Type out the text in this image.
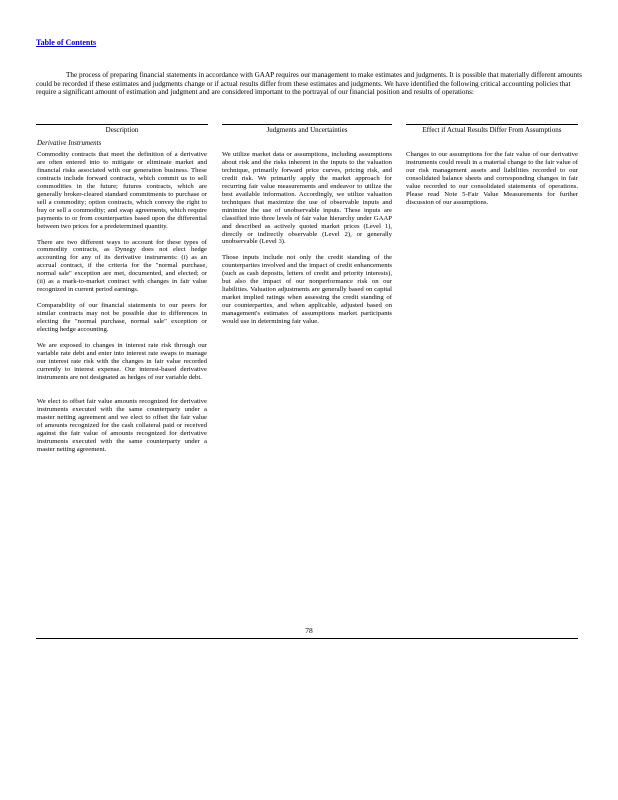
Table of Contents

The process of preparing financial statements in accordance with GAAP requires our management to make estimates and judgments. It is possible that materially different amounts could be recorded if these estimates and judgments change or if actual results differ from these estimates and judgments. We have identified the following critical accounting policies that require a significant amount of estimation and judgment and are considered important to the portrayal of our financial position and results of operations:

Description	Judgments and Uncertainties	Effect if Actual Results Differ From Assumptions
Derivative Instruments

Commodity contracts that meet the definition of a derivative are often entered into to mitigate or eliminate market and financial risks associated with our generation business. These contracts include forward contracts, which commit us to sell commodities in the future; futures contracts, which are generally broker-cleared standard commitments to purchase or sell a commodity; option contracts, which convey the right to buy or sell a commodity; and swap agreements, which require payments to or from counterparties based upon the differential between two prices for a predetermined quantity.

There are two different ways to account for these types of commodity contracts, as Dynegy does not elect hedge accounting for any of its derivative instruments: (i) as an accrual contract, if the criteria for the "normal purchase, normal sale" exception are met, documented, and elected; or (ii) as a mark-to-market contract with changes in fair value recognized in current period earnings.

Comparability of our financial statements to our peers for similar contracts may not be possible due to differences in electing the "normal purchase, normal sale" exception or electing hedge accounting.

We are exposed to changes in interest rate risk through our variable rate debt and enter into interest rate swaps to manage our interest rate risk with the changes in fair value recorded currently to interest expense. Our interest-based derivative instruments are not designated as hedges of our variable debt.

We elect to offset fair value amounts recognized for derivative instruments executed with the same counterparty under a master netting agreement and we elect to offset the fair value of amounts recognized for the cash collateral paid or received against the fair value of amounts recognized for derivative instruments executed with the same counterparty under a master netting agreement.

We utilize market data or assumptions, including assumptions about risk and the risks inherent in the inputs to the valuation technique, primarily forward price curves, pricing risk, and credit risk. We primarily apply the market approach for recurring fair value measurements and endeavor to utilize the best available information. Accordingly, we utilize valuation techniques that maximize the use of observable inputs and minimize the use of unobservable inputs. These inputs are classified into three levels of fair value hierarchy under GAAP and described as actively quoted market prices (Level 1), directly or indirectly observable (Level 2), or generally unobservable (Level 3).

Those inputs include not only the credit standing of the counterparties involved and the impact of credit enhancements (such as cash deposits, letters of credit and priority interests), but also the impact of our nonperformance risk on our liabilities. Valuation adjustments are generally based on capital market implied ratings when assessing the credit standing of our counterparties, and when applicable, adjusted based on management's estimates of assumptions market participants would use in determining fair value.

Changes to our assumptions for the fair value of our derivative instruments could result in a material change to the fair value of our risk management assets and liabilities recorded to our consolidated balance sheets and corresponding changes in fair value recorded to our consolidated statements of operations. Please read Note 5-Fair Value Measurements for further discussion of our assumptions.

78
